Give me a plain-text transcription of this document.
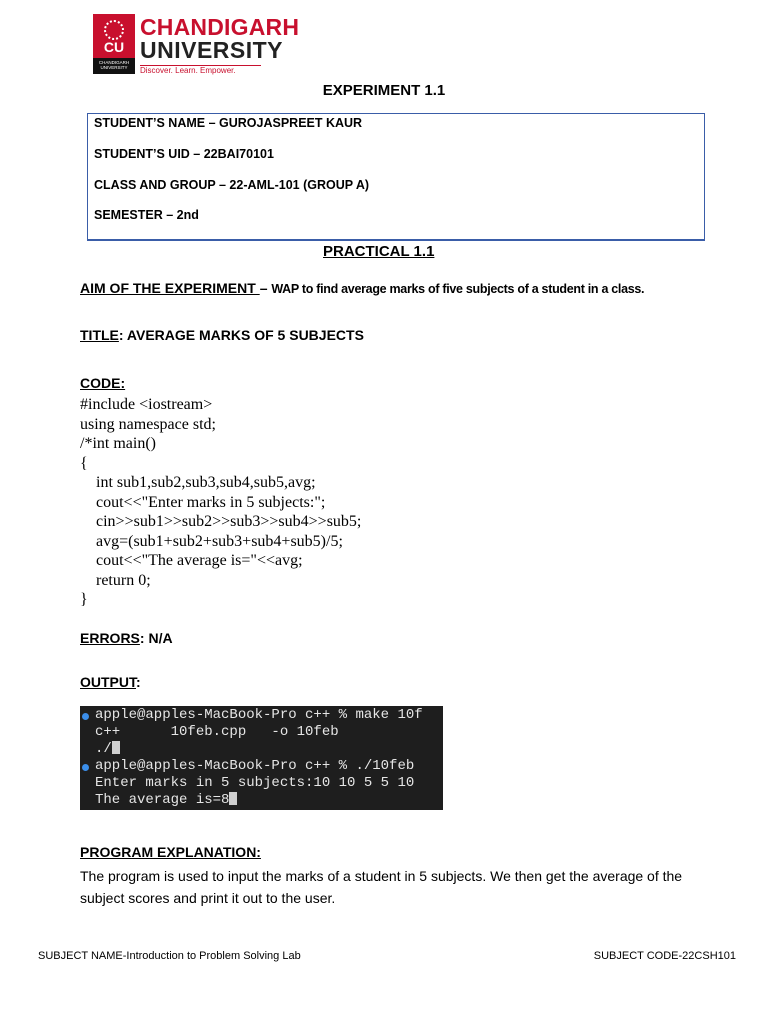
CU
CHANDIGARH UNIVERSITY
CHANDIGARH
UNIVERSITY
Discover. Learn. Empower.
EXPERIMENT 1.1
STUDENT’S NAME – GUROJASPREET KAUR
STUDENT’S UID – 22BAI70101
CLASS AND GROUP – 22-AML-101 (GROUP A)
SEMESTER – 2nd
PRACTICAL 1.1
AIM OF THE EXPERIMENT – WAP to find average marks of five subjects of a student in a class.
TITLE: AVERAGE MARKS OF 5 SUBJECTS
CODE:
#include <iostream>
using namespace std;
/*int main()
{
int sub1,sub2,sub3,sub4,sub5,avg;
cout<<"Enter marks in 5 subjects:";
cin>>sub1>>sub2>>sub3>>sub4>>sub5;
avg=(sub1+sub2+sub3+sub4+sub5)/5;
cout<<"The average is="<<avg;
return 0;
}
ERRORS: N/A
OUTPUT:
apple@apples-MacBook-Pro c++ % make 10f
c++      10feb.cpp   -o 10feb
./
apple@apples-MacBook-Pro c++ % ./10feb
Enter marks in 5 subjects:10 10 5 5 10
The average is=8
PROGRAM EXPLANATION:
The program is used to input the marks of a student in 5 subjects. We then get the average of the subject scores and print it out to the user.
SUBJECT NAME-Introduction to Problem Solving Lab	SUBJECT CODE-22CSH101
